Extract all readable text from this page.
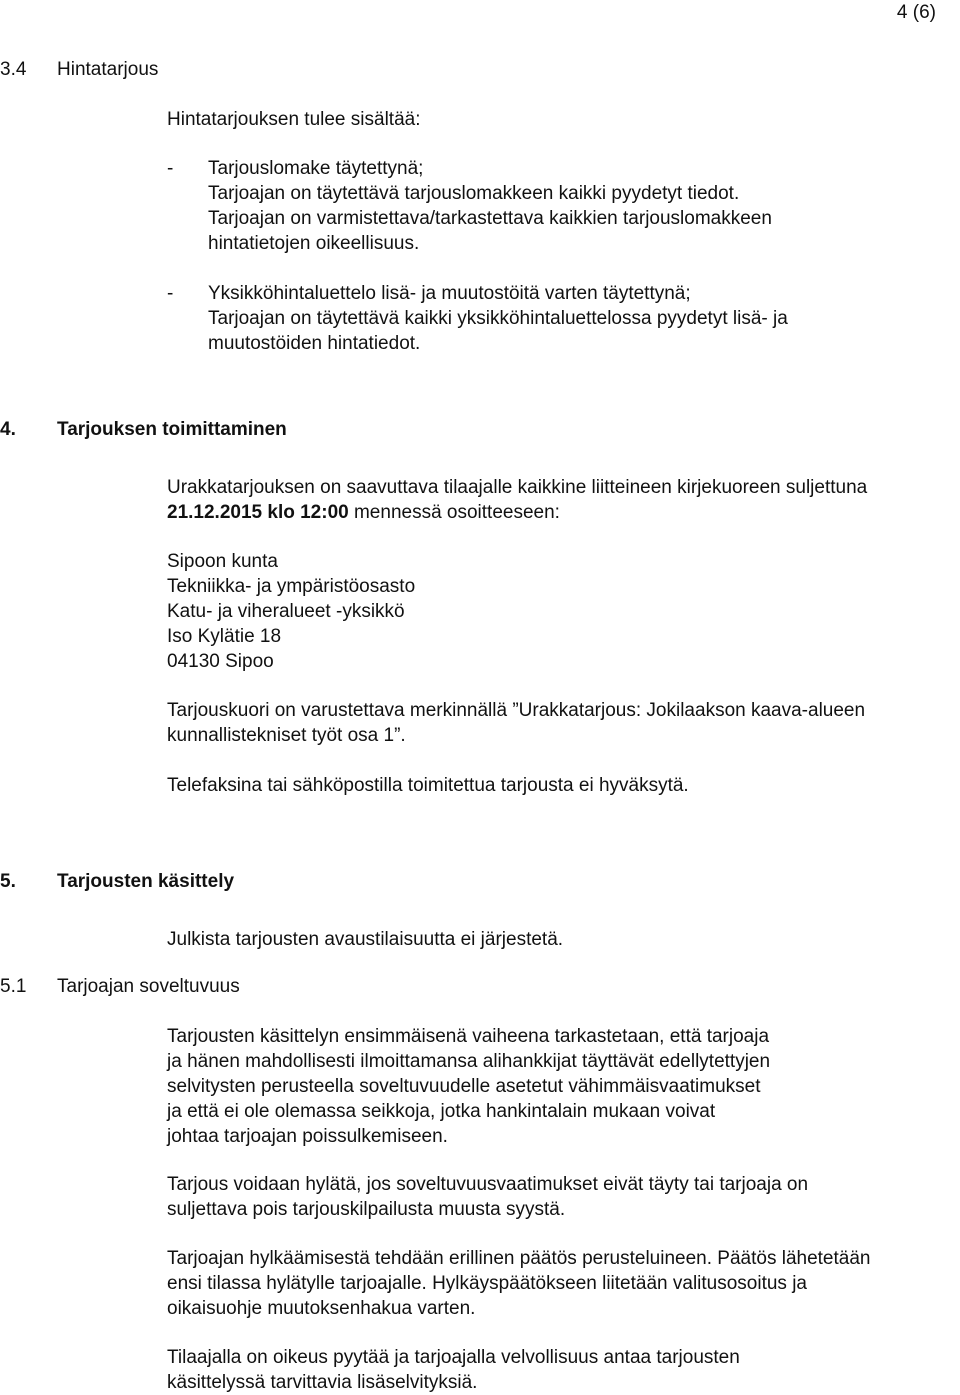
4 (6)
3.4 Hintatarjous
Hintatarjouksen tulee sisältää:
- Tarjouslomake täytettynä;
Tarjoajan on täytettävä tarjouslomakkeen kaikki pyydetyt tiedot.
Tarjoajan on varmistettava/tarkastettava kaikkien tarjouslomakkeen
hintatietojen oikeellisuus.
- Yksikköhintaluettelo lisä- ja muutostöitä varten täytettynä;
Tarjoajan on täytettävä kaikki yksikköhintaluettelossa pyydetyt lisä- ja
muutostöiden hintatiedot.
4. Tarjouksen toimittaminen
Urakkatarjouksen on saavuttava tilaajalle kaikkine liitteineen kirjekuoreen suljettuna
21.12.2015 klo 12:00 mennessä osoitteeseen:
Sipoon kunta
Tekniikka- ja ympäristöosasto
Katu- ja viheralueet -yksikkö
Iso Kylätie 18
04130 Sipoo
Tarjouskuori on varustettava merkinnällä ”Urakkatarjous: Jokilaakson kaava-alueen
kunnallistekniset työt osa 1”.
Telefaksina tai sähköpostilla toimitettua tarjousta ei hyväksytä.
5. Tarjousten käsittely
Julkista tarjousten avaustilaisuutta ei järjestetä.
5.1 Tarjoajan soveltuvuus
Tarjousten käsittelyn ensimmäisenä vaiheena tarkastetaan, että tarjoaja
ja hänen mahdollisesti ilmoittamansa alihankkijat täyttävät edellytettyjen
selvitysten perusteella soveltuvuudelle asetetut vähimmäisvaatimukset
ja että ei ole olemassa seikkoja, jotka hankintalain mukaan voivat
johtaa tarjoajan poissulkemiseen.
Tarjous voidaan hylätä, jos soveltuvuusvaatimukset eivät täyty tai tarjoaja on
suljettava pois tarjouskilpailusta muusta syystä.
Tarjoajan hylkäämisestä tehdään erillinen päätös perusteluineen. Päätös lähetetään
ensi tilassa hylätylle tarjoajalle. Hylkäyspäätökseen liitetään valitusosoitus ja
oikaisuohje muutoksenhakua varten.
Tilaajalla on oikeus pyytää ja tarjoajalla velvollisuus antaa tarjousten
käsittelyssä tarvittavia lisäselvityksiä.
